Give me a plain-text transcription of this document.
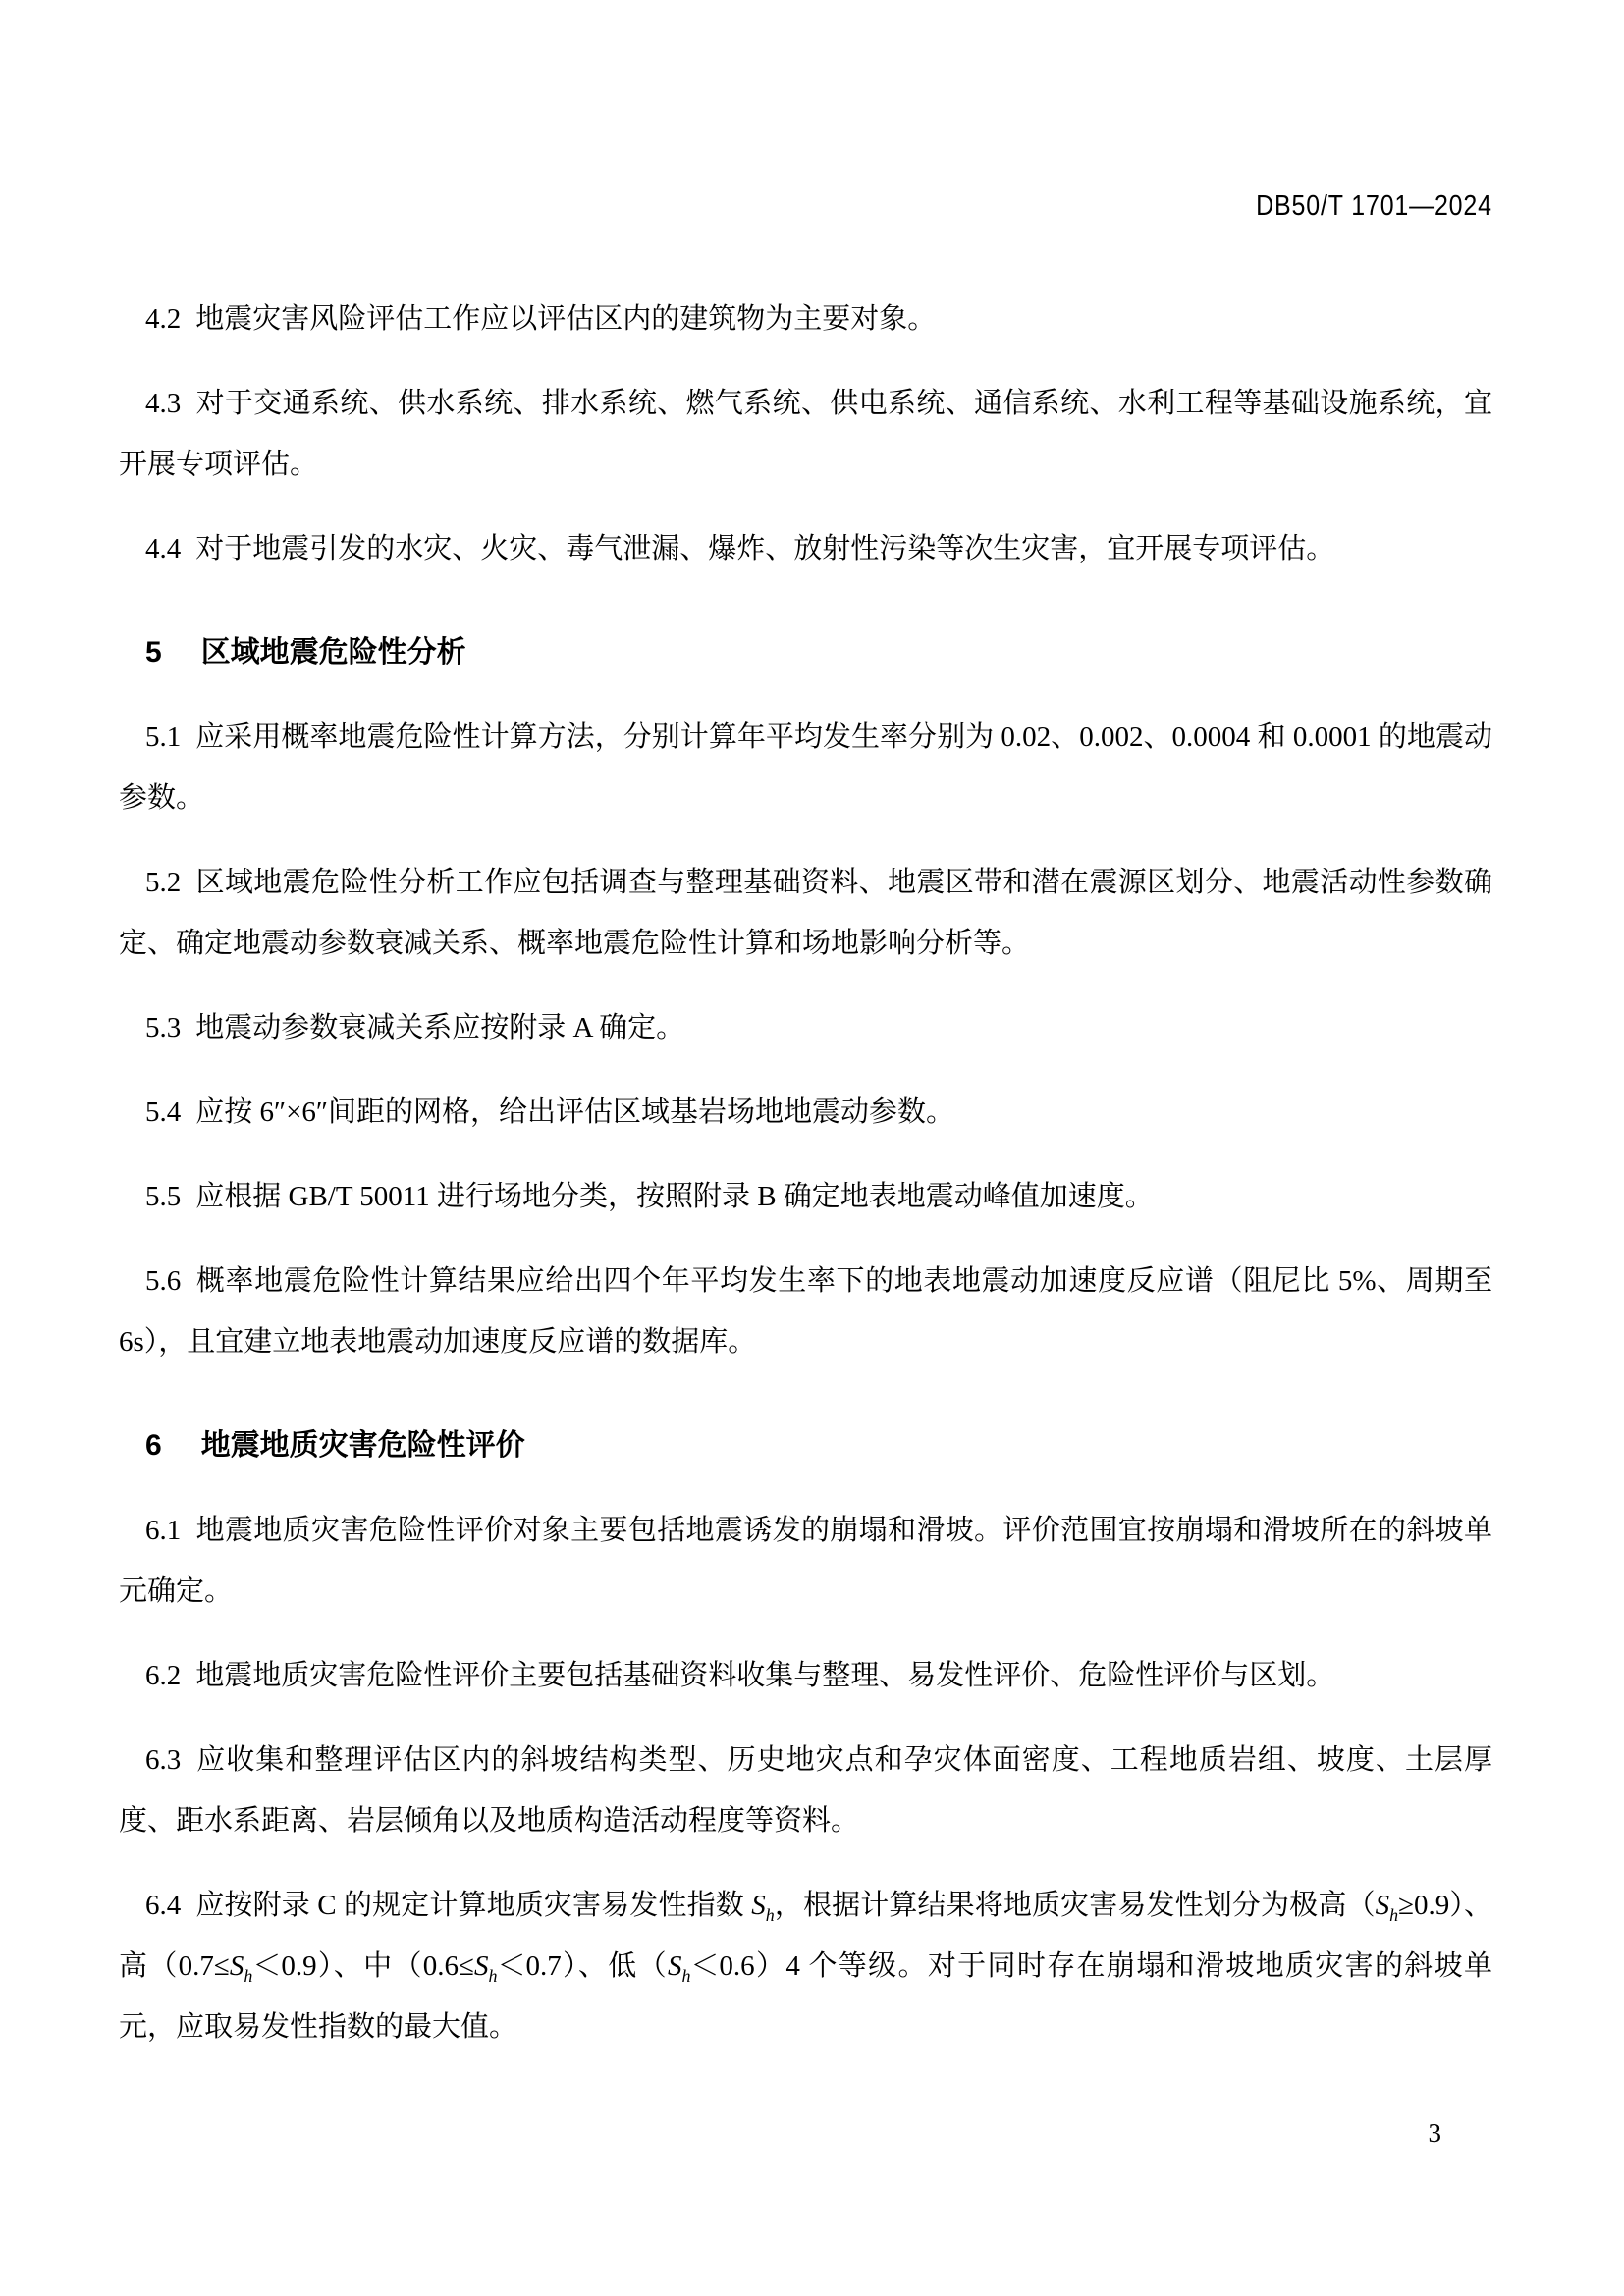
DB50/T 1701—2024

4.2 地震灾害风险评估工作应以评估区内的建筑物为主要对象。

4.3 对于交通系统、供水系统、排水系统、燃气系统、供电系统、通信系统、水利工程等基础设施系统，宜开展专项评估。

4.4 对于地震引发的水灾、火灾、毒气泄漏、爆炸、放射性污染等次生灾害，宜开展专项评估。

5 区域地震危险性分析

5.1 应采用概率地震危险性计算方法，分别计算年平均发生率分别为 0.02、0.002、0.0004 和 0.0001 的地震动参数。

5.2 区域地震危险性分析工作应包括调查与整理基础资料、地震区带和潜在震源区划分、地震活动性参数确定、确定地震动参数衰减关系、概率地震危险性计算和场地影响分析等。

5.3 地震动参数衰减关系应按附录 A 确定。

5.4 应按 6″×6″间距的网格，给出评估区域基岩场地地震动参数。

5.5 应根据 GB/T 50011 进行场地分类，按照附录 B 确定地表地震动峰值加速度。

5.6 概率地震危险性计算结果应给出四个年平均发生率下的地表地震动加速度反应谱（阻尼比 5%、周期至 6s），且宜建立地表地震动加速度反应谱的数据库。

6 地震地质灾害危险性评价

6.1 地震地质灾害危险性评价对象主要包括地震诱发的崩塌和滑坡。评价范围宜按崩塌和滑坡所在的斜坡单元确定。

6.2 地震地质灾害危险性评价主要包括基础资料收集与整理、易发性评价、危险性评价与区划。

6.3 应收集和整理评估区内的斜坡结构类型、历史地灾点和孕灾体面密度、工程地质岩组、坡度、土层厚度、距水系距离、岩层倾角以及地质构造活动程度等资料。

6.4 应按附录 C 的规定计算地质灾害易发性指数 $S_h$，根据计算结果将地质灾害易发性划分为极高$(S_h\ge 0.9)$、高$(0.7\le S_h<0.9)$、中$(0.6\le S_h<0.7)$、低$(S_h<0.6)4$ 个等级。对于同时存在崩塌和滑坡地质灾害的斜坡单元，应取易发性指数的最大值。

3
